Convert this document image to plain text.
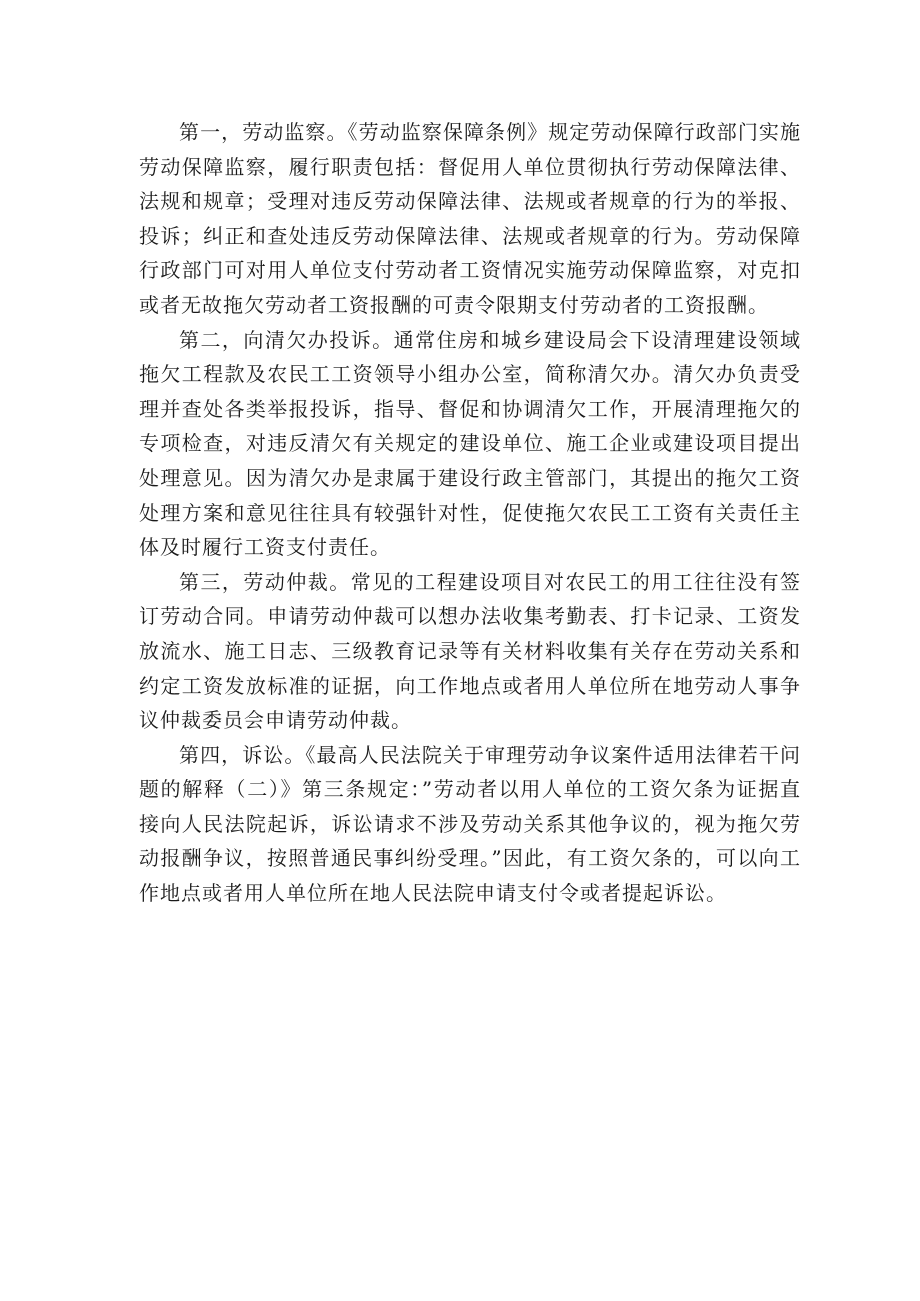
第一，劳动监察。《劳动监察保障条例》规定劳动保障行政部门实施劳动保障监察，履行职责包括：督促用人单位贯彻执行劳动保障法律、法规和规章；受理对违反劳动保障法律、法规或者规章的行为的举报、投诉；纠正和查处违反劳动保障法律、法规或者规章的行为。劳动保障行政部门可对用人单位支付劳动者工资情况实施劳动保障监察，对克扣或者无故拖欠劳动者工资报酬的可责令限期支付劳动者的工资报酬。

第二，向清欠办投诉。通常住房和城乡建设局会下设清理建设领域拖欠工程款及农民工工资领导小组办公室，简称清欠办。清欠办负责受理并查处各类举报投诉，指导、督促和协调清欠工作，开展清理拖欠的专项检查，对违反清欠有关规定的建设单位、施工企业或建设项目提出处理意见。因为清欠办是隶属于建设行政主管部门，其提出的拖欠工资处理方案和意见往往具有较强针对性，促使拖欠农民工工资有关责任主体及时履行工资支付责任。

第三，劳动仲裁。常见的工程建设项目对农民工的用工往往没有签订劳动合同。申请劳动仲裁可以想办法收集考勤表、打卡记录、工资发放流水、施工日志、三级教育记录等有关材料收集有关存在劳动关系和约定工资发放标准的证据，向工作地点或者用人单位所在地劳动人事争议仲裁委员会申请劳动仲裁。

第四，诉讼。《最高人民法院关于审理劳动争议案件适用法律若干问题的解释（二）》第三条规定：”劳动者以用人单位的工资欠条为证据直接向人民法院起诉，诉讼请求不涉及劳动关系其他争议的，视为拖欠劳动报酬争议，按照普通民事纠纷受理。”因此，有工资欠条的，可以向工作地点或者用人单位所在地人民法院申请支付令或者提起诉讼。
